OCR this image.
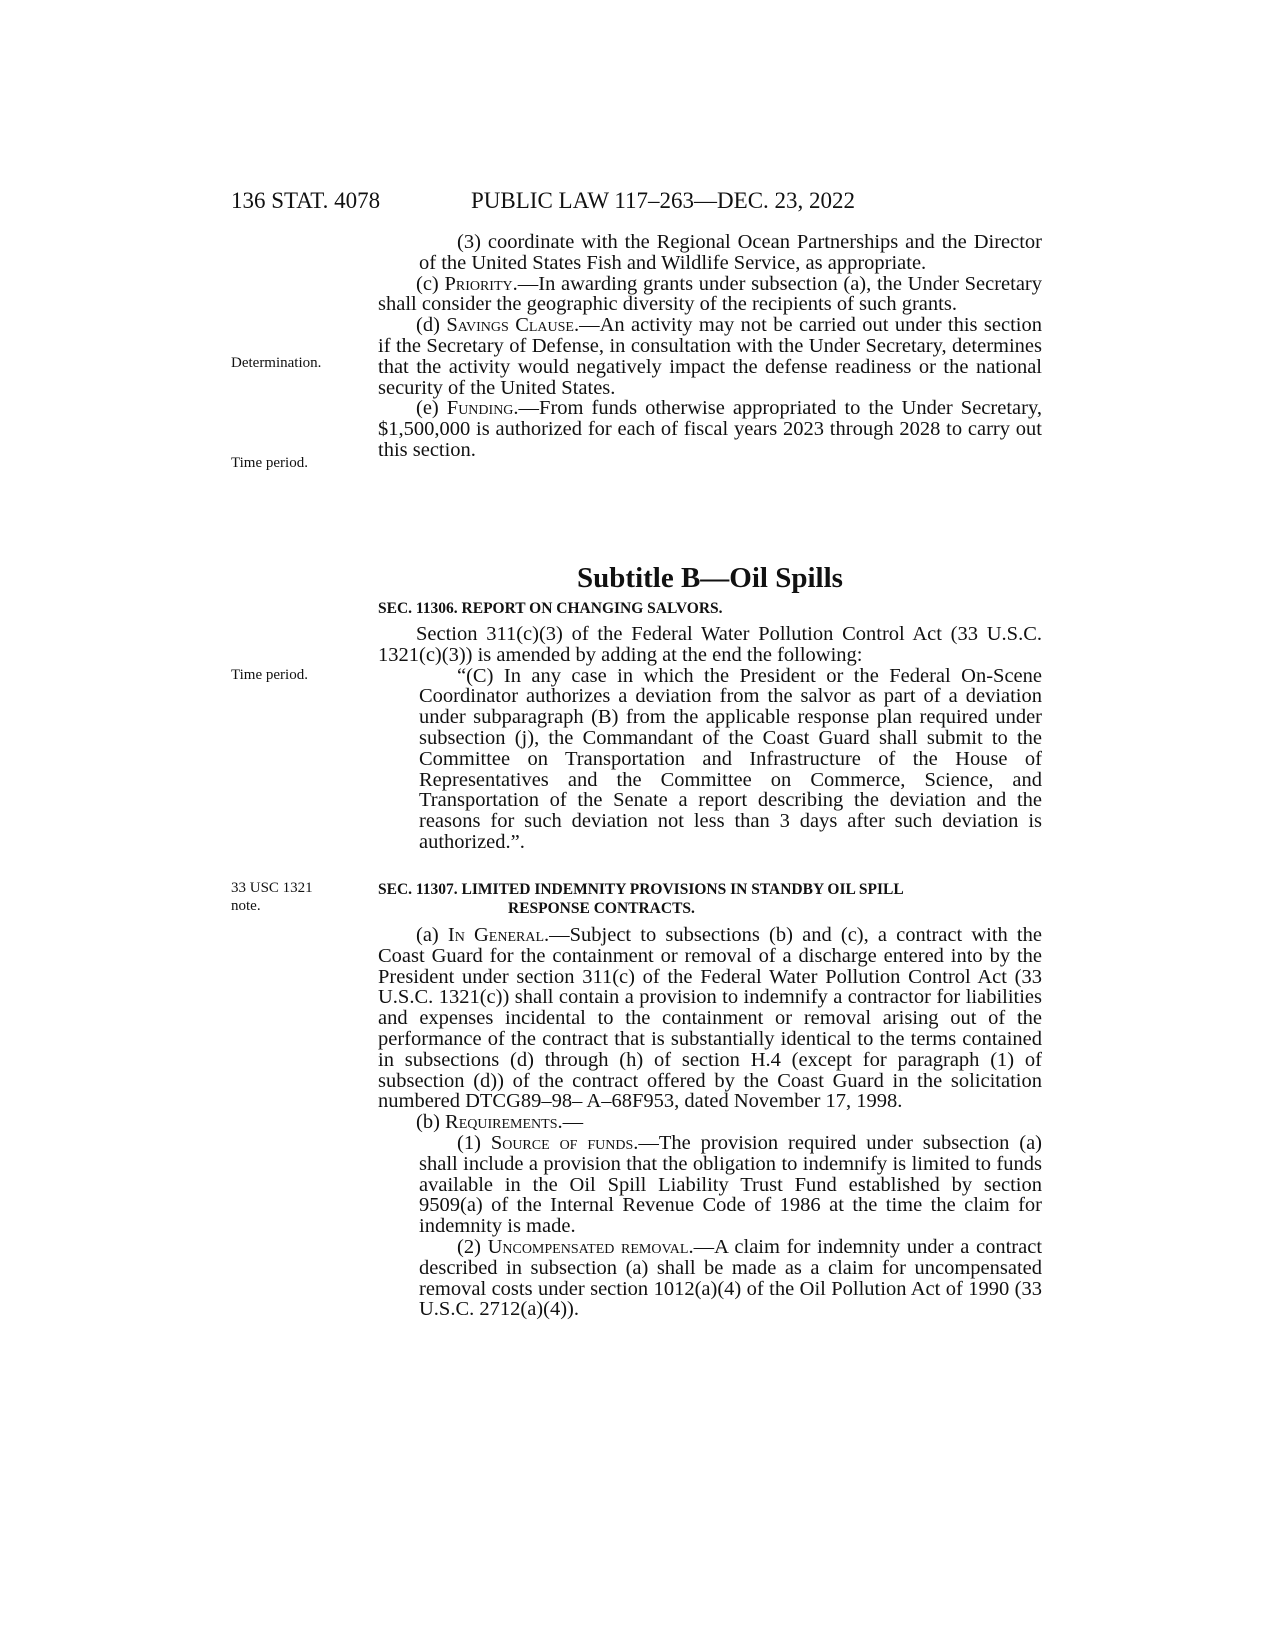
136 STAT. 4078	PUBLIC LAW 117–263—DEC. 23, 2022
Determination.
Time period.
Time period.
33 USC 1321
note.

(3) coordinate with the Regional Ocean Partnerships and the Director of the United States Fish and Wildlife Service, as appropriate.

(c) Priority.—In awarding grants under subsection (a), the Under Secretary shall consider the geographic diversity of the recipients of such grants.

(d) Savings Clause.—An activity may not be carried out under this section if the Secretary of Defense, in consultation with the Under Secretary, determines that the activity would negatively impact the defense readiness or the national security of the United States.

(e) Funding.—From funds otherwise appropriated to the Under Secretary, $1,500,000 is authorized for each of fiscal years 2023 through 2028 to carry out this section.

Subtitle B—Oil Spills
SEC. 11306. REPORT ON CHANGING SALVORS.

Section 311(c)(3) of the Federal Water Pollution Control Act (33 U.S.C. 1321(c)(3)) is amended by adding at the end the following:

“(C) In any case in which the President or the Federal On-Scene Coordinator authorizes a deviation from the salvor as part of a deviation under subparagraph (B) from the applicable response plan required under subsection (j), the Commandant of the Coast Guard shall submit to the Committee on Transportation and Infrastructure of the House of Representatives and the Committee on Commerce, Science, and Transportation of the Senate a report describing the deviation and the reasons for such deviation not less than 3 days after such deviation is authorized.”.

SEC. 11307. LIMITED INDEMNITY PROVISIONS IN STANDBY OIL SPILL
RESPONSE CONTRACTS.

(a) In General.—Subject to subsections (b) and (c), a contract with the Coast Guard for the containment or removal of a discharge entered into by the President under section 311(c) of the Federal Water Pollution Control Act (33 U.S.C. 1321(c)) shall contain a provision to indemnify a contractor for liabilities and expenses incidental to the containment or removal arising out of the performance of the contract that is substantially identical to the terms contained in subsections (d) through (h) of section H.4 (except for paragraph (1) of subsection (d)) of the contract offered by the Coast Guard in the solicitation numbered DTCG89–98– A–68F953, dated November 17, 1998.

(b) Requirements.—

(1) Source of funds.—The provision required under subsection (a) shall include a provision that the obligation to indemnify is limited to funds available in the Oil Spill Liability Trust Fund established by section 9509(a) of the Internal Revenue Code of 1986 at the time the claim for indemnity is made.

(2) Uncompensated removal.—A claim for indemnity under a contract described in subsection (a) shall be made as a claim for uncompensated removal costs under section 1012(a)(4) of the Oil Pollution Act of 1990 (33 U.S.C. 2712(a)(4)).
